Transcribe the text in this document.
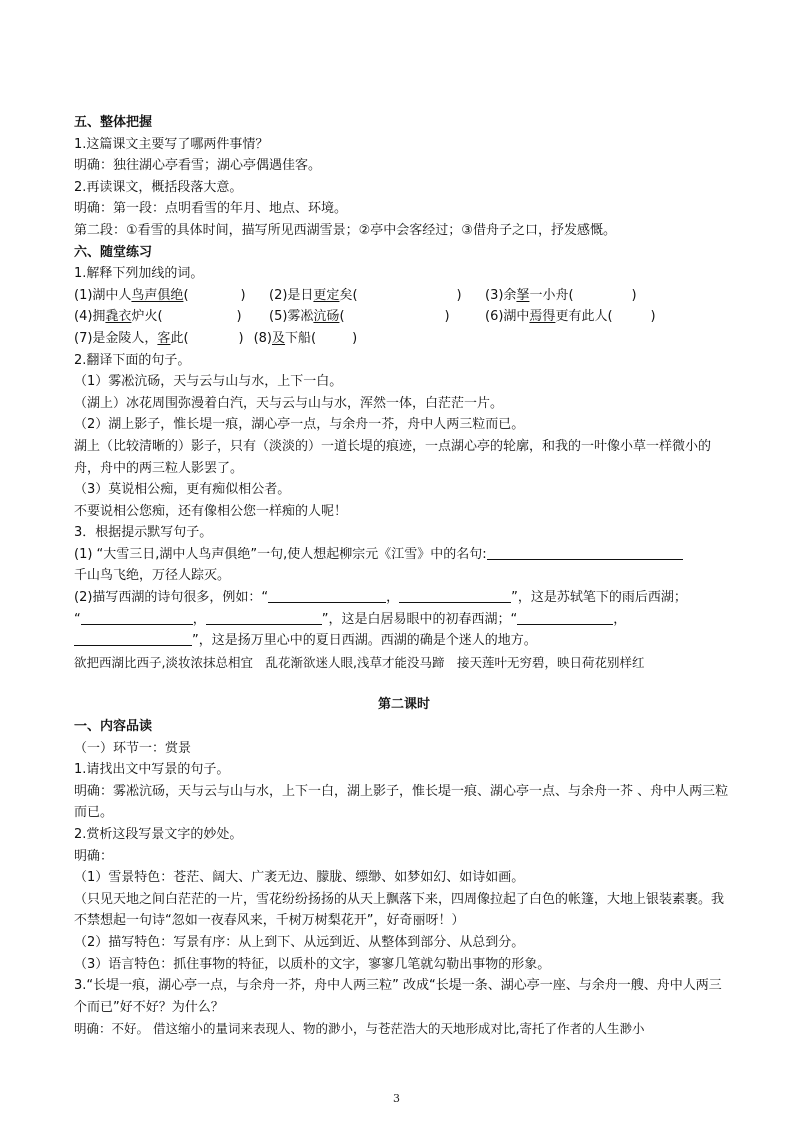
五、整体把握
1.这篇课文主要写了哪两件事情？
明确：独往湖心亭看雪；湖心亭偶遇佳客。
2.再读课文，概括段落大意。
明确：第一段：点明看雪的年月、地点、环境。
第二段：①看雪的具体时间，描写所见西湖雪景；②亭中会客经过；③借舟子之口，抒发感慨。
六、随堂练习
1.解释下列加线的词。
(1)湖中人鸟声俱绝(	)	(2)是日更定矣(	)	(3)余拏一小舟(	)
(4)拥毳衣炉火(	)	(5)雾凇沆砀(	)	(6)湖中焉得更有此人(	)
(7)是金陵人，客此(	) (8)及下船(	)
2.翻译下面的句子。
（1）雾凇沆砀，天与云与山与水，上下一白。
（湖上）冰花周围弥漫着白汽，天与云与山与水，浑然一体，白茫茫一片。
（2）湖上影子，惟长堤一痕，湖心亭一点，与余舟一芥，舟中人两三粒而已。
湖上（比较清晰的）影子，只有（淡淡的）一道长堤的痕迹，一点湖心亭的轮廓，和我的一叶像小草一样微小的舟，舟中的两三粒人影罢了。
（3）莫说相公痴，更有痴似相公者。
不要说相公您痴，还有像相公您一样痴的人呢！
3．根据提示默写句子。
(1) “大雪三日,湖中人鸟声俱绝”一句,使人想起柳宗元《江雪》中的名句:
千山鸟飞绝，万径人踪灭。
(2)描写西湖的诗句很多，例如：“	，	”，这是苏轼笔下的雨后西湖；
“	，	”，这是白居易眼中的初春西湖；“	，
”，这是扬万里心中的夏日西湖。西湖的确是个迷人的地方。
欲把西湖比西子,淡妆浓抹总相宜　乱花渐欲迷人眼,浅草才能没马蹄　接天莲叶无穷碧，映日荷花别样红
第二课时
一、内容品读
（一）环节一：赏景
1.请找出文中写景的句子。
明确：雾凇沆砀，天与云与山与水，上下一白，湖上影子，惟长堤一痕、湖心亭一点、与余舟一芥 、舟中人两三粒而已。
2.赏析这段写景文字的妙处。
明确：
（1）雪景特色：苍茫、阔大、广袤无边、朦胧、缥缈、如梦如幻、如诗如画。
（只见天地之间白茫茫的一片，雪花纷纷扬扬的从天上飘落下来，四周像拉起了白色的帐篷，大地上银装素裹。我不禁想起一句诗“忽如一夜春风来，千树万树梨花开”，好奇丽呀！）
（2）描写特色：写景有序：从上到下、从远到近、从整体到部分、从总到分。
（3）语言特色：抓住事物的特征，以质朴的文字，寥寥几笔就勾勒出事物的形象。
3.“长堤一痕，湖心亭一点，与余舟一芥，舟中人两三粒” 改成“长堤一条、湖心亭一座、与余舟一艘、舟中人两三个而已”好不好？为什么？
明确：不好。 借这缩小的量词来表现人、物的渺小，与苍茫浩大的天地形成对比,寄托了作者的人生渺小
3
